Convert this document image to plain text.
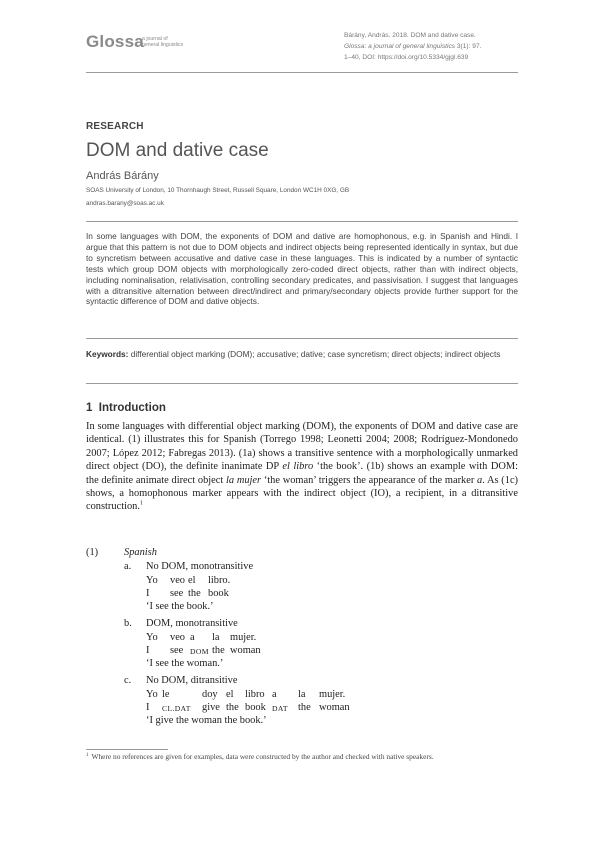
Glossa
a journal of
general linguistics
Bárány, András. 2018. DOM and dative case.
Glossa: a journal of general linguistics 3(1): 97.
1–40, DOI: https://doi.org/10.5334/gjgl.639
RESEARCH
DOM and dative case
András Bárány
SOAS University of London, 10 Thornhaugh Street, Russell Square, London WC1H 0XG, GB
andras.barany@soas.ac.uk
In some languages with DOM, the exponents of DOM and dative are homophonous, e.g. in Spanish and Hindi. I argue that this pattern is not due to DOM objects and indirect objects being represented identically in syntax, but due to syncretism between accusative and dative case in these languages. This is indicated by a number of syntactic tests which group DOM objects with morphologically zero-coded direct objects, rather than with indirect objects, including nominalisation, relativisation, controlling secondary predicates, and passivisation. I suggest that languages with a ditransitive alternation between direct/indirect and primary/secondary objects provide further support for the syntactic difference of DOM and dative objects.
Keywords: differential object marking (DOM); accusative; dative; case syncretism; direct objects; indirect objects
1 Introduction
In some languages with differential object marking (DOM), the exponents of DOM and dative case are identical. (1) illustrates this for Spanish (Torrego 1998; Leonetti 2004; 2008; Rodríguez-Mondonedo 2007; López 2012; Fabregas 2013). (1a) shows a transitive sentence with a morphologically unmarked direct object (DO), the definite inanimate DP el libro ‘the book’. (1b) shows an example with DOM: the definite animate direct object la mujer ‘the woman’ triggers the appearance of the marker a. As (1c) shows, a homophonous marker appears with the indirect object (IO), a recipient, in a ditransitive construction.$^1$
(1) Spanish
a. No DOM, monotransitive
Yo veo el libro.
I see the book
‘I see the book.’
b. DOM, monotransitive
Yo veo a la mujer.
I see DOM the woman
‘I see the woman.’
c. No DOM, ditransitive
Yo le	doy el libro a la mujer.
I CL.DAT give the book DAT the woman
‘I give the woman the book.’
$^1$ Where no references are given for examples, data were constructed by the author and checked with native speakers.
